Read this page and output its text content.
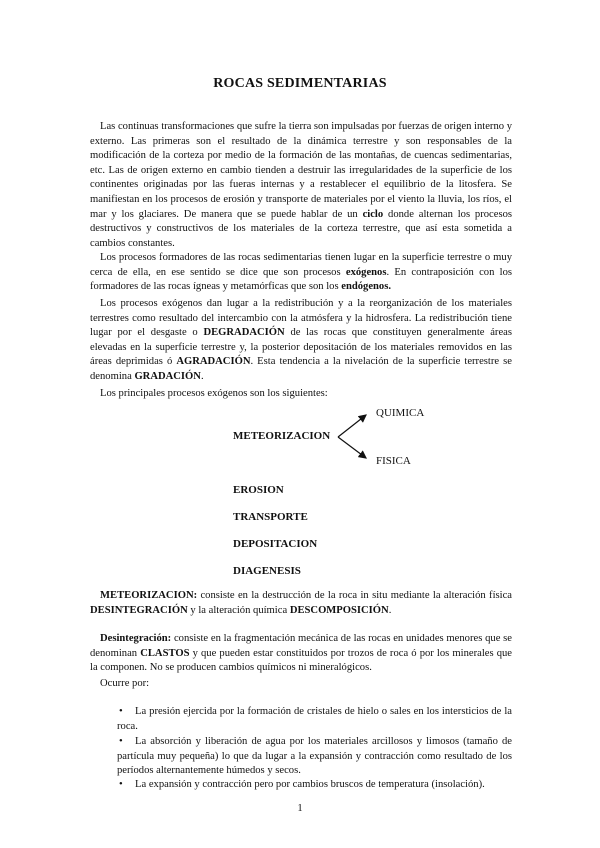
ROCAS SEDIMENTARIAS

Las continuas transformaciones que sufre la tierra son impulsadas por fuerzas de origen interno y externo. Las primeras son el resultado de la dinámica terrestre y son responsables de la modificación de la corteza por medio de la formación de las montañas, de cuencas sedimentarias, etc. Las de origen externo en cambio tienden a destruir las irregularidades de la superficie de los continentes originadas por las fueras internas y a restablecer el equilibrio de la litosfera. Se manifiestan en los procesos de erosión y transporte de materiales por el viento la lluvia, los ríos, el mar y los glaciares. De manera que se puede hablar de un ciclo donde alternan los procesos destructivos y constructivos de los materiales de la corteza terrestre, que así esta sometida a cambios constantes.

Los procesos formadores de las rocas sedimentarias tienen lugar en la superficie terrestre o muy cerca de ella, en ese sentido se dice que son procesos exógenos. En contraposición con los formadores de las rocas ígneas y metamórficas que son los endógenos.

Los procesos exógenos dan lugar a la redistribución y a la reorganización de los materiales terrestres como resultado del intercambio con la atmósfera y la hidrosfera. La redistribución tiene lugar por el desgaste o DEGRADACIÓN de las rocas que constituyen generalmente áreas elevadas en la superficie terrestre y, la posterior depositación de los materiales removidos en las áreas deprimidas ó AGRADACIÓN. Esta tendencia a la nivelación de la superficie terrestre se denomina GRADACIÓN.

Los principales procesos exógenos son los siguientes:

METEORIZACION
QUIMICA
FISICA
EROSION
TRANSPORTE
DEPOSITACION
DIAGENESIS

METEORIZACION: consiste en la destrucción de la roca in situ mediante la alteración física DESINTEGRACIÓN y la alteración química DESCOMPOSICIÓN.

Desintegración: consiste en la fragmentación mecánica de las rocas en unidades menores que se denominan CLASTOS y que pueden estar constituidos por trozos de roca ó por los minerales que la componen. No se producen cambios químicos ni mineralógicos.

Ocurre por:

• La presión ejercida por la formación de cristales de hielo o sales en los intersticios de la roca.

• La absorción y liberación de agua por los materiales arcillosos y limosos (tamaño de partícula muy pequeña) lo que da lugar a la expansión y contracción como resultado de los períodos alternantemente húmedos y secos.

• La expansión y contracción pero por cambios bruscos de temperatura (insolación).

1
